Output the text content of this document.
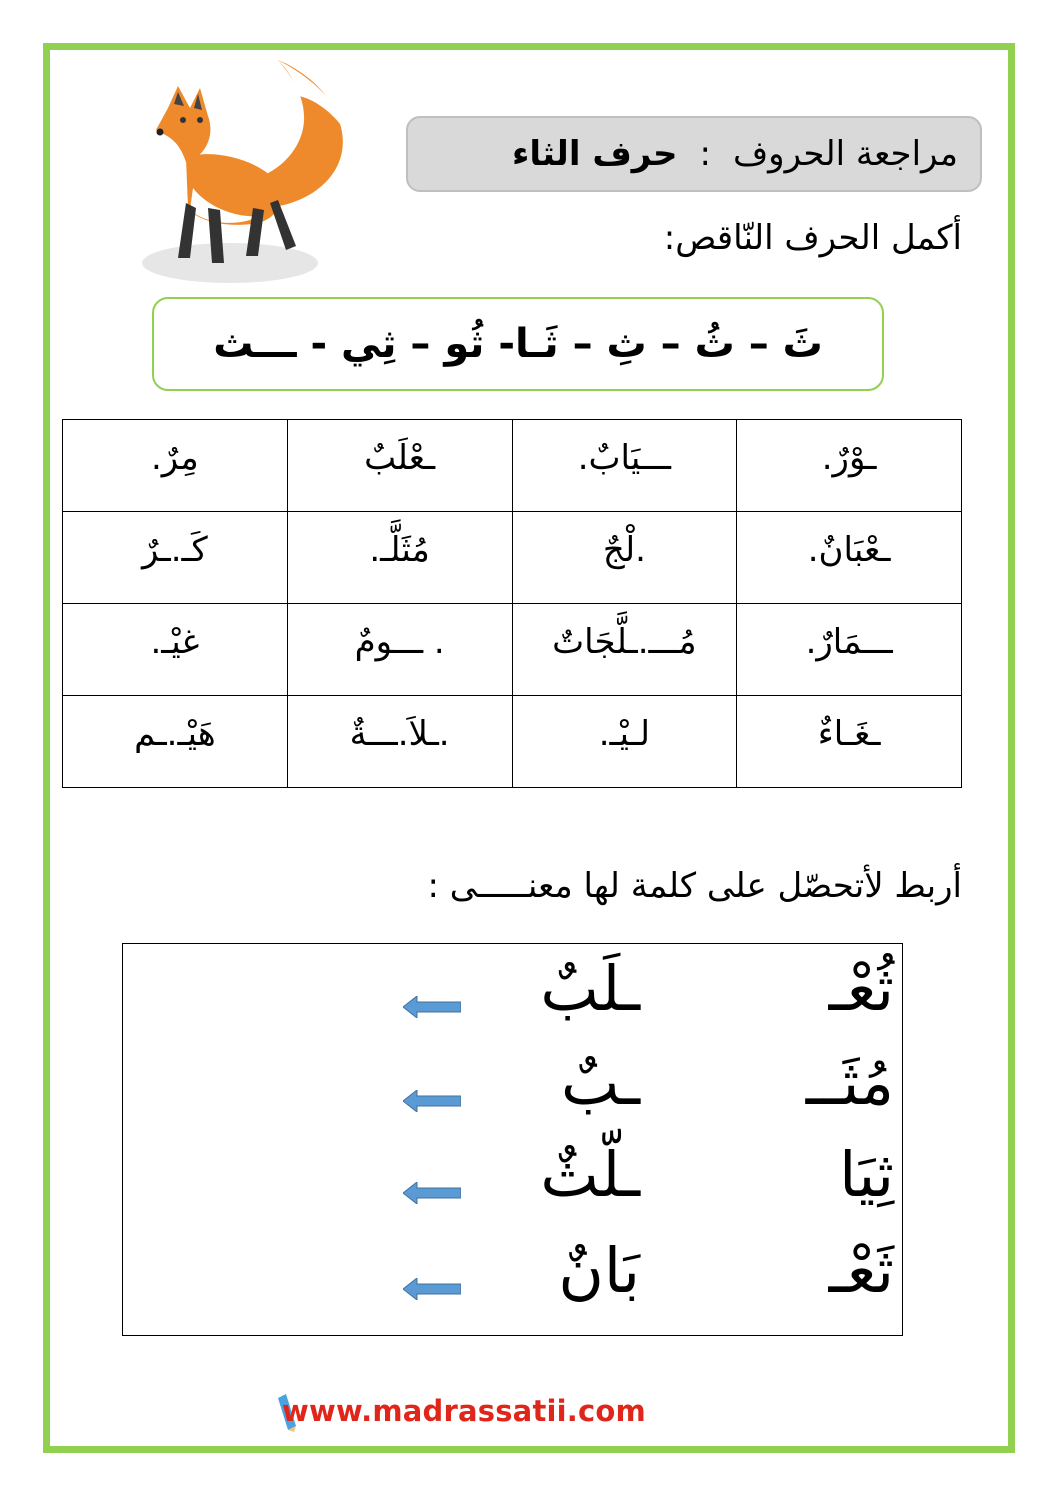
مراجعة الحروف
:
حرف الثاء
أكمل الحرف النّاقص:
ثَ – ثُ – ثِ – ثَـا- ثُو – ثِي - ـــث
ـوْرٌ.	ـــيَابٌ.	ـعْلَبٌ	مِرٌ.
ـعْبَانٌ.	.لْجٌ	مُثَلَّـ.	كَـ.ـرٌ
ـــمَارٌ.	مُـــ.ـلَّجَاتٌ	. ـــومٌ	غيْـ.
ـغَـاءٌ	لـيْـ.	.ـلاَ.ـــةٌ	هَيْـ.ـم
أربط لأتحصّل على كلمة لها معنـــــى :
ثُعْـ
ـلَبٌ
مُثَــ
ـبٌ
ثِيَا
ـلّثٌ
ثَعْـ
بَانٌ
www.madrassatii.com
